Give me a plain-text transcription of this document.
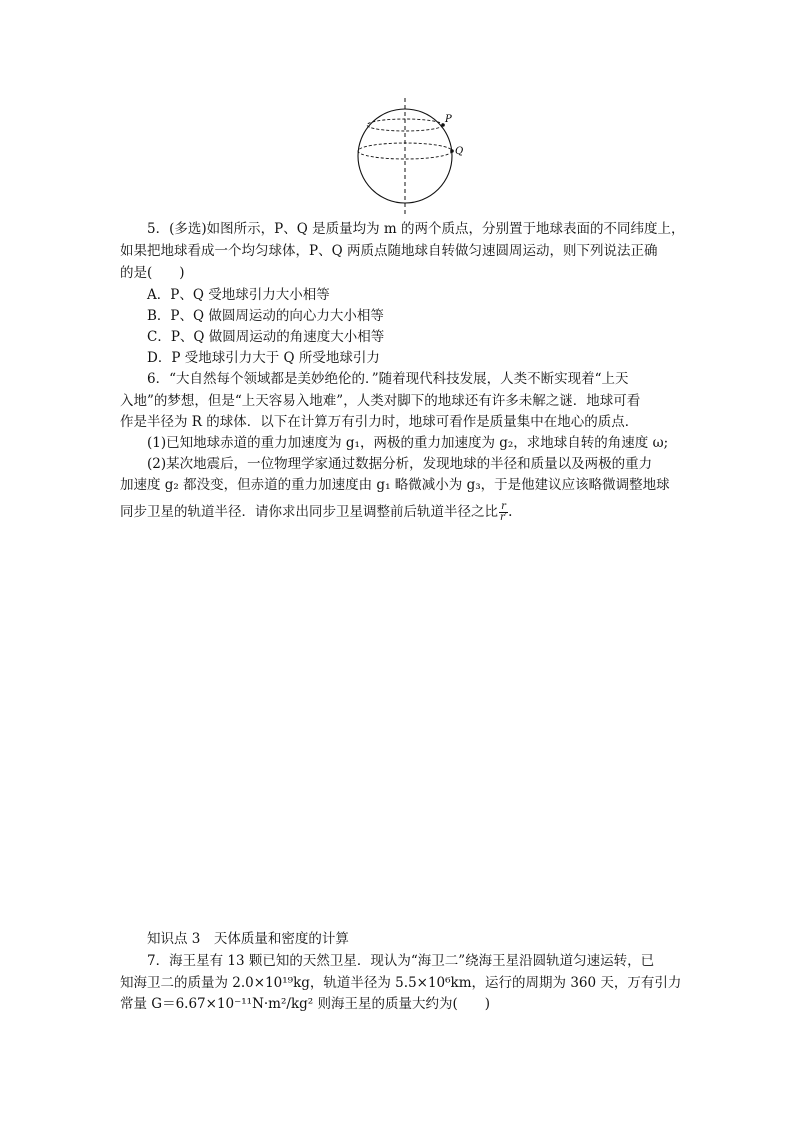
P
Q
5．(多选)如图所示，P、Q 是质量均为 m 的两个质点，分别置于地球表面的不同纬度上，
如果把地球看成一个均匀球体，P、Q 两质点随地球自转做匀速圆周运动，则下列说法正确
的是(　　)
A．P、Q 受地球引力大小相等
B．P、Q 做圆周运动的向心力大小相等
C．P、Q 做圆周运动的角速度大小相等
D．P 受地球引力大于 Q 所受地球引力
6．“大自然每个领域都是美妙绝伦的．”随着现代科技发展，人类不断实现着“上天
入地”的梦想，但是“上天容易入地难”，人类对脚下的地球还有许多未解之谜．地球可看
作是半径为 R 的球体．以下在计算万有引力时，地球可看作是质量集中在地心的质点．
(1)已知地球赤道的重力加速度为 g₁，两极的重力加速度为 g₂，求地球自转的角速度 ω;
(2)某次地震后，一位物理学家通过数据分析，发现地球的半径和质量以及两极的重力
加速度 g₂ 都没变，但赤道的重力加速度由 g₁ 略微减小为 g₃，于是他建议应该略微调整地球
同步卫星的轨道半径．请你求出同步卫星调整前后轨道半径之比 $\frac{r}{r'}$ .
知识点 3　天体质量和密度的计算
7．海王星有 13 颗已知的天然卫星．现认为“海卫二”绕海王星沿圆轨道匀速运转，已
知海卫二的质量为 2.0×10¹⁹kg，轨道半径为 5.5×10⁶km，运行的周期为 360 天，万有引力
常量 G＝6.67×10⁻¹¹N·m²/kg² 则海王星的质量大约为(　　)
